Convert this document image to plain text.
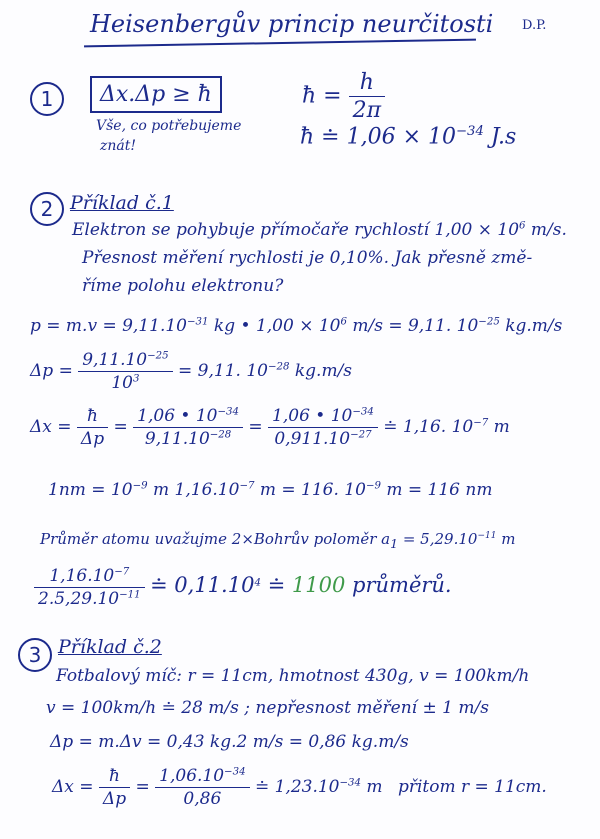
Heisenbergův princip neurčitosti D.P.
1	Δx.Δp ≥ ħ
Vše, co potřebujeme
znát!
ħ = $\frac{h}{2\pi}$
ħ ≐ $1,06 \times 10^{-34}$ J.s
2 Příklad č.1
Elektron se pohybuje přímočaře rychlostí $1,00 \times 10^6$ m/s.
Přesnost měření rychlosti je 0,10%. Jak přesně změ-
říme polohu elektronu?
$p = m.v = 9,11.10^{-31}$ kg • $1,00 \times 10^6$ m/s = 9,11. $10^{-25}$ kg.m/s
$\Delta p = \frac{9,11.10^{-25}}{10^3} = 9,11$. $10^{-28}$ kg.m/s
$\Delta x = \frac{ħ}{\Delta p} = \frac{1,06 • 10^{-34}}{9,11.10^{-28}} = \frac{1,06 • 10^{-34}}{0,911.10^{-27}}$ ≐ 1,16. $10^{-7}$ m
$1nm = 10^{-9}$ m $1,16.10^{-7}$ m = 116. $10^{-9}$ m = 116 nm
Průměr atomu uvažujme 2×Bohrův poloměr $a_1 = 5,29.10^{-11}$ m
$\frac{1,16.10^{-7}}{2.5,29.10^{-11}}$ ≐ 0,11.10$^4$ ≐ 1100 průměrů.
3 Příklad č.2
Fotbalový míč: r = 11cm, hmotnost 430g, v = 100km/h
v = 100km/h ≐ 28 m/s ; nepřesnost měření ± 1 m/s
Δp = m.Δv = 0,43 kg.2 m/s = 0,86 kg.m/s
$\Delta x = \frac{ħ}{\Delta p} = \frac{1,06.10^{-34}}{0,86}$ ≐ $1,23.10^{-34}$ m přitom r = 11cm.
